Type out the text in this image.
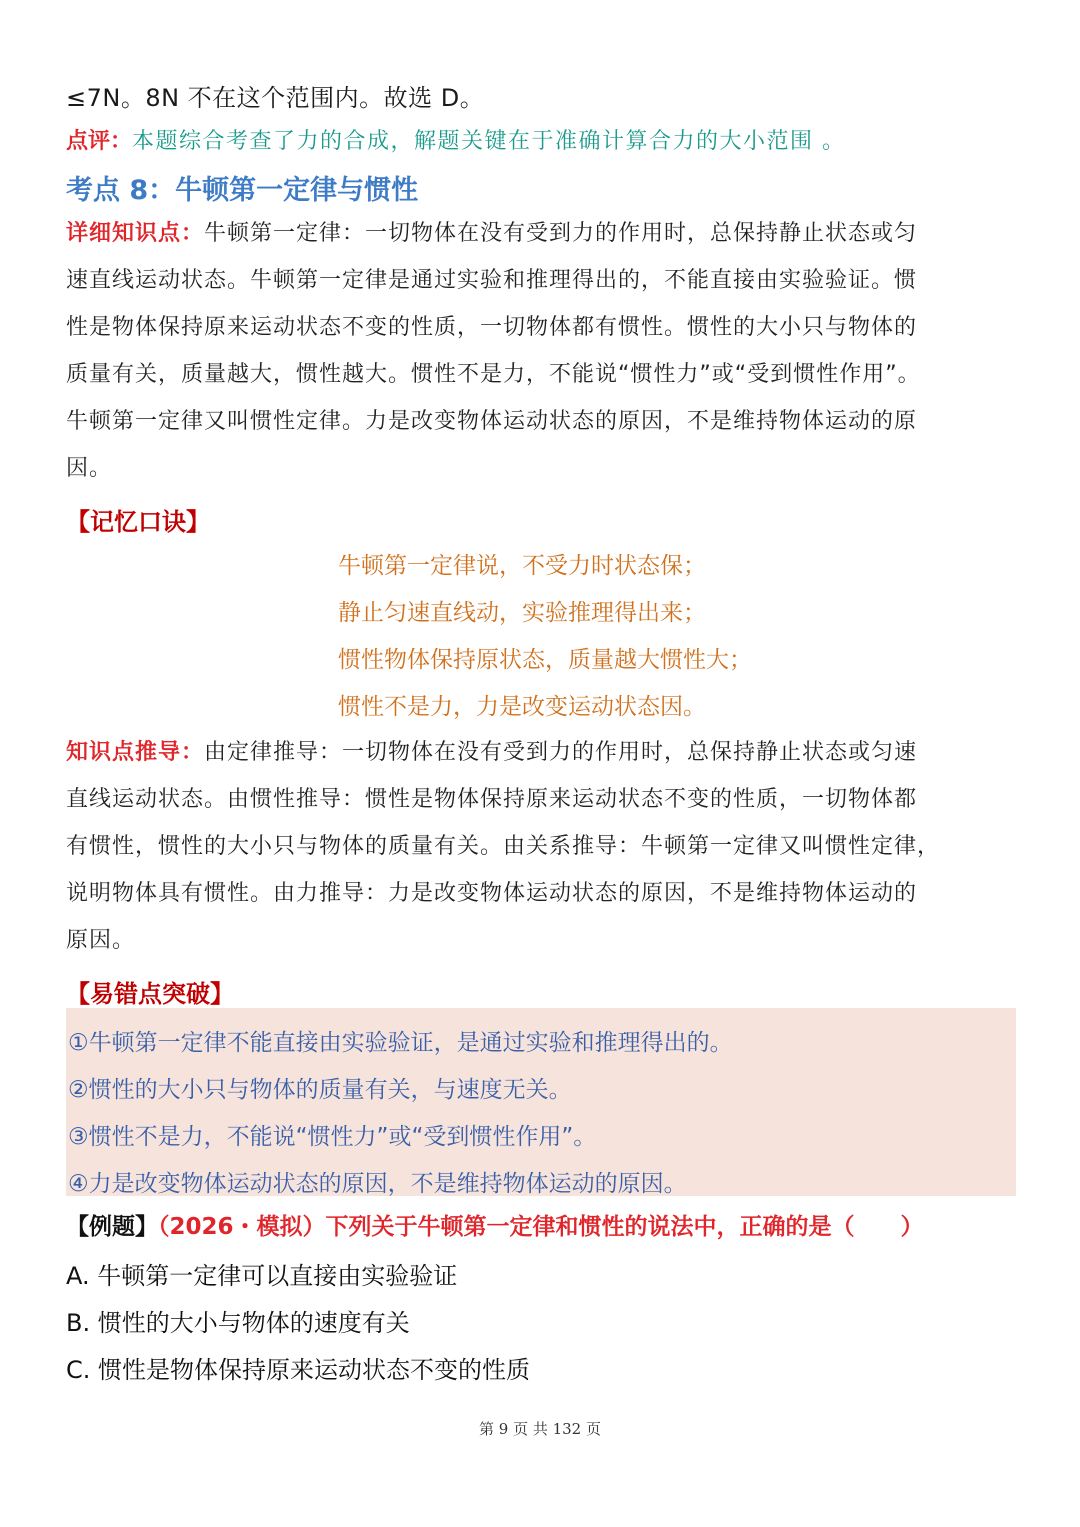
≤7N。8N 不在这个范围内。故选 D。
点评：本题综合考查了力的合成，解题关键在于准确计算合力的大小范围 。
考点 8：牛顿第一定律与惯性
详细知识点：牛顿第一定律：一切物体在没有受到力的作用时，总保持静止状态或匀
速直线运动状态。牛顿第一定律是通过实验和推理得出的，不能直接由实验验证。惯
性是物体保持原来运动状态不变的性质，一切物体都有惯性。惯性的大小只与物体的
质量有关，质量越大，惯性越大。惯性不是力，不能说“惯性力”或“受到惯性作用”。
牛顿第一定律又叫惯性定律。力是改变物体运动状态的原因，不是维持物体运动的原
因。
【记忆口诀】
牛顿第一定律说，不受力时状态保；
静止匀速直线动，实验推理得出来；
惯性物体保持原状态，质量越大惯性大；
惯性不是力，力是改变运动状态因。
知识点推导：由定律推导：一切物体在没有受到力的作用时，总保持静止状态或匀速
直线运动状态。由惯性推导：惯性是物体保持原来运动状态不变的性质，一切物体都
有惯性，惯性的大小只与物体的质量有关。由关系推导：牛顿第一定律又叫惯性定律，
说明物体具有惯性。由力推导：力是改变物体运动状态的原因，不是维持物体运动的
原因。
【易错点突破】
①牛顿第一定律不能直接由实验验证，是通过实验和推理得出的。
②惯性的大小只与物体的质量有关，与速度无关。
③惯性不是力，不能说“惯性力”或“受到惯性作用”。
④力是改变物体运动状态的原因，不是维持物体运动的原因。
【例题】（2026・模拟）下列关于牛顿第一定律和惯性的说法中，正确的是（　　）
A. 牛顿第一定律可以直接由实验验证
B. 惯性的大小与物体的速度有关
C. 惯性是物体保持原来运动状态不变的性质
第 9 页 共 132 页
